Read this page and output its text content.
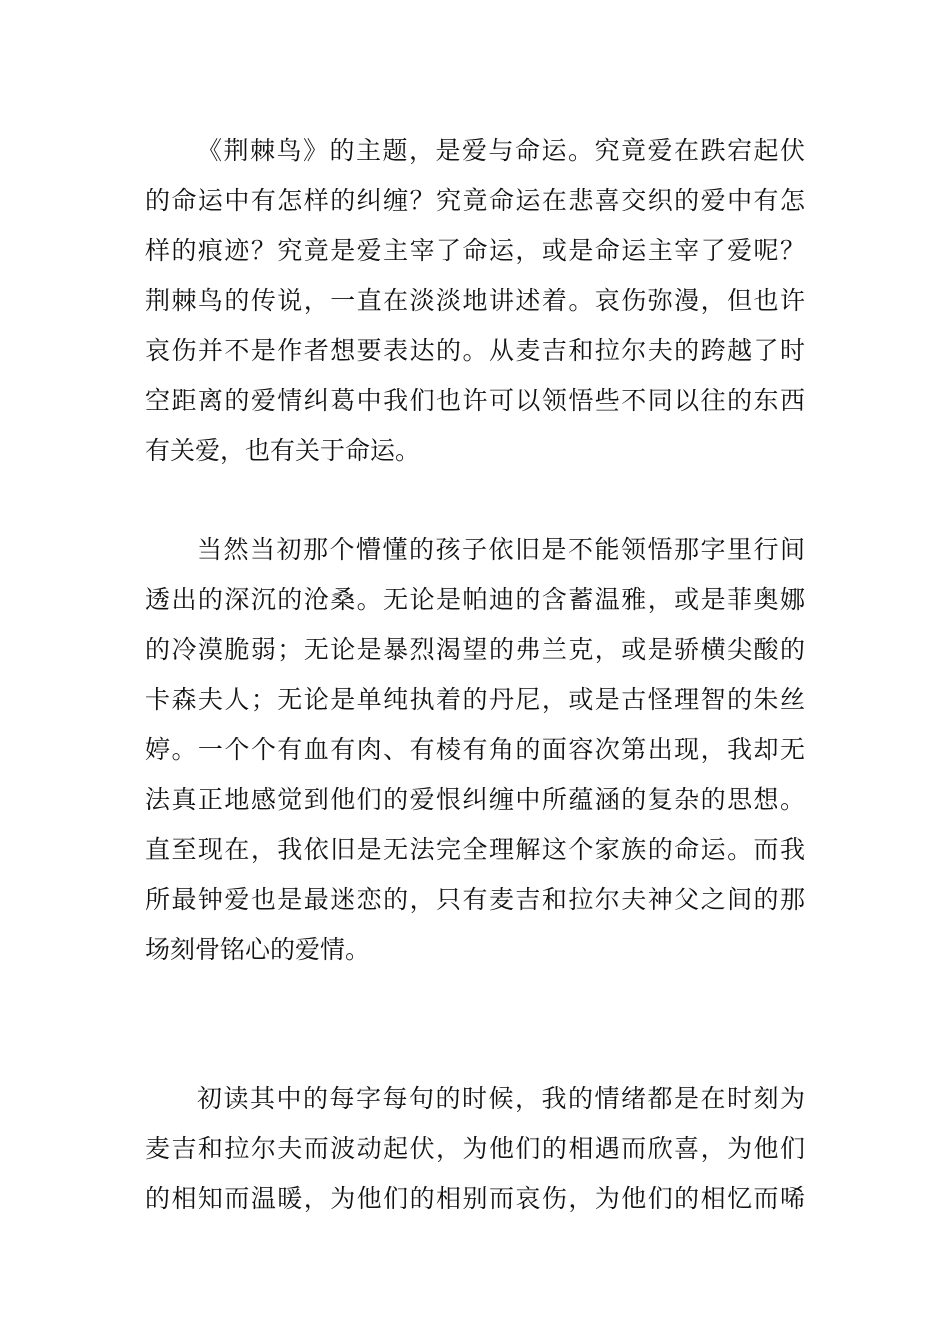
《荆棘鸟》的主题，是爱与命运。究竟爱在跌宕起伏
的命运中有怎样的纠缠？究竟命运在悲喜交织的爱中有怎
样的痕迹？究竟是爱主宰了命运，或是命运主宰了爱呢？
荆棘鸟的传说，一直在淡淡地讲述着。哀伤弥漫，但也许
哀伤并不是作者想要表达的。从麦吉和拉尔夫的跨越了时
空距离的爱情纠葛中我们也许可以领悟些不同以往的东西
有关爱，也有关于命运。
当然当初那个懵懂的孩子依旧是不能领悟那字里行间
透出的深沉的沧桑。无论是帕迪的含蓄温雅，或是菲奥娜
的冷漠脆弱；无论是暴烈渴望的弗兰克，或是骄横尖酸的
卡森夫人；无论是单纯执着的丹尼，或是古怪理智的朱丝
婷。一个个有血有肉、有棱有角的面容次第出现，我却无
法真正地感觉到他们的爱恨纠缠中所蕴涵的复杂的思想。
直至现在，我依旧是无法完全理解这个家族的命运。而我
所最钟爱也是最迷恋的，只有麦吉和拉尔夫神父之间的那
场刻骨铭心的爱情。
初读其中的每字每句的时候，我的情绪都是在时刻为
麦吉和拉尔夫而波动起伏，为他们的相遇而欣喜，为他们
的相知而温暖，为他们的相别而哀伤，为他们的相忆而唏
